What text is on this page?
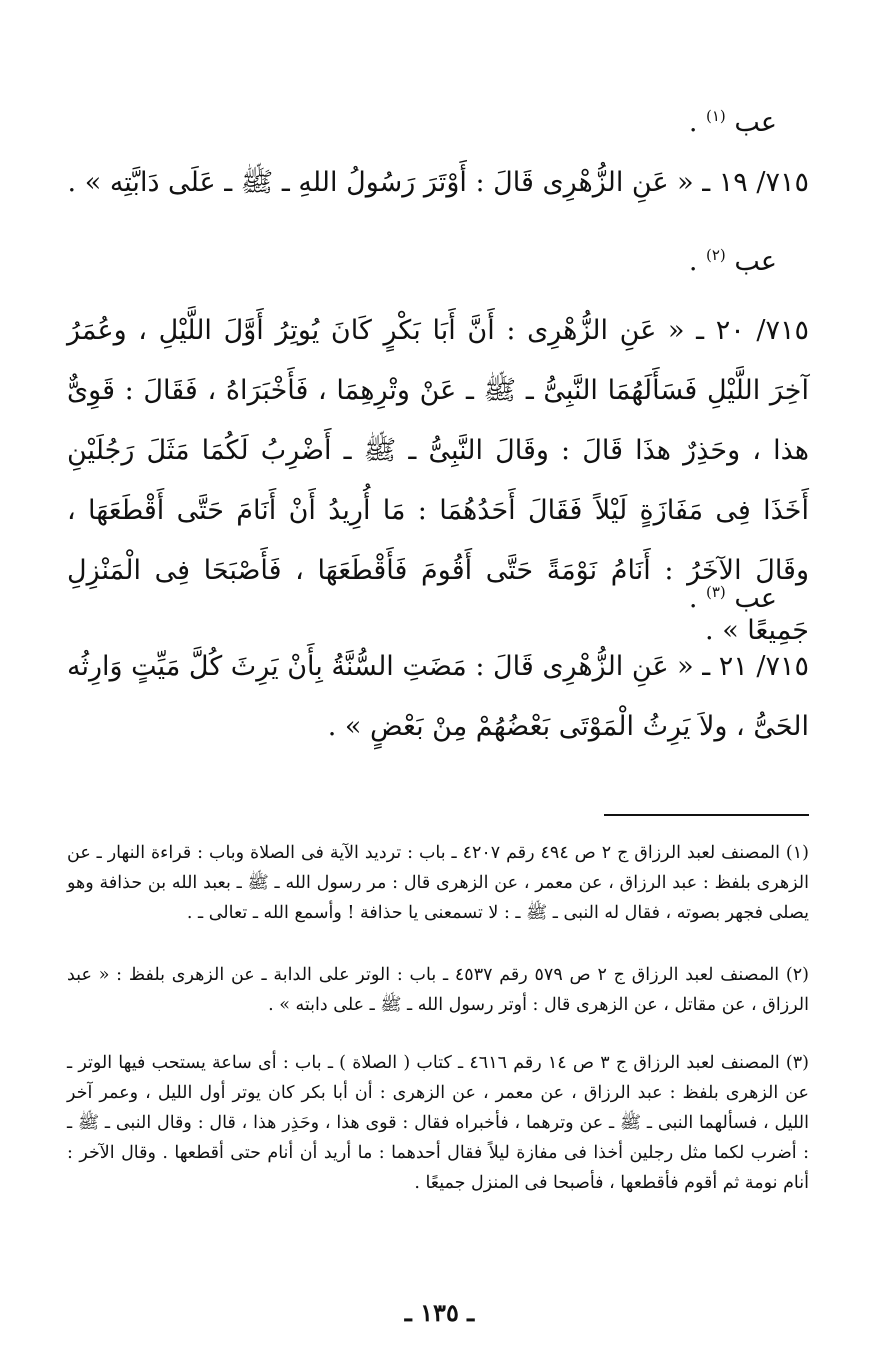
عب $^{(١)}$ .
٧١٥/ ١٩ ـ « عَنِ الزُّهْرِى قَالَ : أَوْتَرَ رَسُولُ اللهِ ـ ﷺ ـ عَلَى دَابَّتِه » .
عب $^{(٢)}$ .
٧١٥/ ٢٠ ـ « عَنِ الزُّهْرِى : أَنَّ أَبَا بَكْرٍ كَانَ يُوتِرُ أَوَّلَ اللَّيْلِ ، وعُمَرُ آخِرَ اللَّيْلِ فَسَأَلَهُمَا النَّبِىُّ ـ ﷺ ـ عَنْ وتْرِهِمَا ، فَأَخْبَرَاهُ ، فَقَالَ : قَوِىٌّ هذا ، وحَذِرٌ هذَا قَالَ : وقَالَ النَّبِىُّ ـ ﷺ ـ أَضْرِبُ لَكُمَا مَثَلَ رَجُلَيْنِ أَخَذَا فِى مَفَازَةٍ لَيْلاً فَقَالَ أَحَدُهُمَا : مَا أُرِيدُ أَنْ أَنَامَ حَتَّى أَقْطَعَهَا ، وقَالَ الآخَرُ : أَنَامُ نَوْمَةً حَتَّى أَقُومَ فَأَقْطَعَهَا ، فَأَصْبَحَا فِى الْمَنْزِلِ جَمِيعًا » .
عب $^{(٣)}$ .
٧١٥/ ٢١ ـ « عَنِ الزُّهْرِى قَالَ : مَضَتِ السُّنَّةُ بِأَنْ يَرِثَ كُلَّ مَيِّتٍ وَارِثُه الحَىُّ ، ولاَ يَرِثُ الْمَوْتَى بَعْضُهُمْ مِنْ بَعْضٍ » .
(١) المصنف لعبد الرزاق ج ٢ ص ٤٩٤ رقم ٤٢٠٧ ـ باب : ترديد الآية فى الصلاة وباب : قراءة النهار ـ عن الزهرى بلفظ : عبد الرزاق ، عن معمر ، عن الزهرى قال : مر رسول الله ـ ﷺ ـ بعبد الله بن حذافة وهو يصلى فجهر بصوته ، فقال له النبى ـ ﷺ ـ : لا تسمعنى يا حذافة ! وأسمع الله ـ تعالى ـ .
(٢) المصنف لعبد الرزاق ج ٢ ص ٥٧٩ رقم ٤٥٣٧ ـ باب : الوتر على الدابة ـ عن الزهرى بلفظ : « عبد الرزاق ، عن مقاتل ، عن الزهرى قال : أوتر رسول الله ـ ﷺ ـ على دابته » .
(٣) المصنف لعبد الرزاق ج ٣ ص ١٤ رقم ٤٦١٦ ـ كتاب ( الصلاة ) ـ باب : أى ساعة يستحب فيها الوتر ـ عن الزهرى بلفظ : عبد الرزاق ، عن معمر ، عن الزهرى : أن أبا بكر كان يوتر أول الليل ، وعمر آخر الليل ، فسألهما النبى ـ ﷺ ـ عن وترهما ، فأخبراه فقال : قوى هذا ، وحَذِر هذا ، قال : وقال النبى ـ ﷺ ـ : أضرب لكما مثل رجلين أخذا فى مفازة ليلاً فقال أحدهما : ما أريد أن أنام حتى أقطعها . وقال الآخر : أنام نومة ثم أقوم فأقطعها ، فأصبحا فى المنزل جميعًا .
ـ ١٣٥ ـ
